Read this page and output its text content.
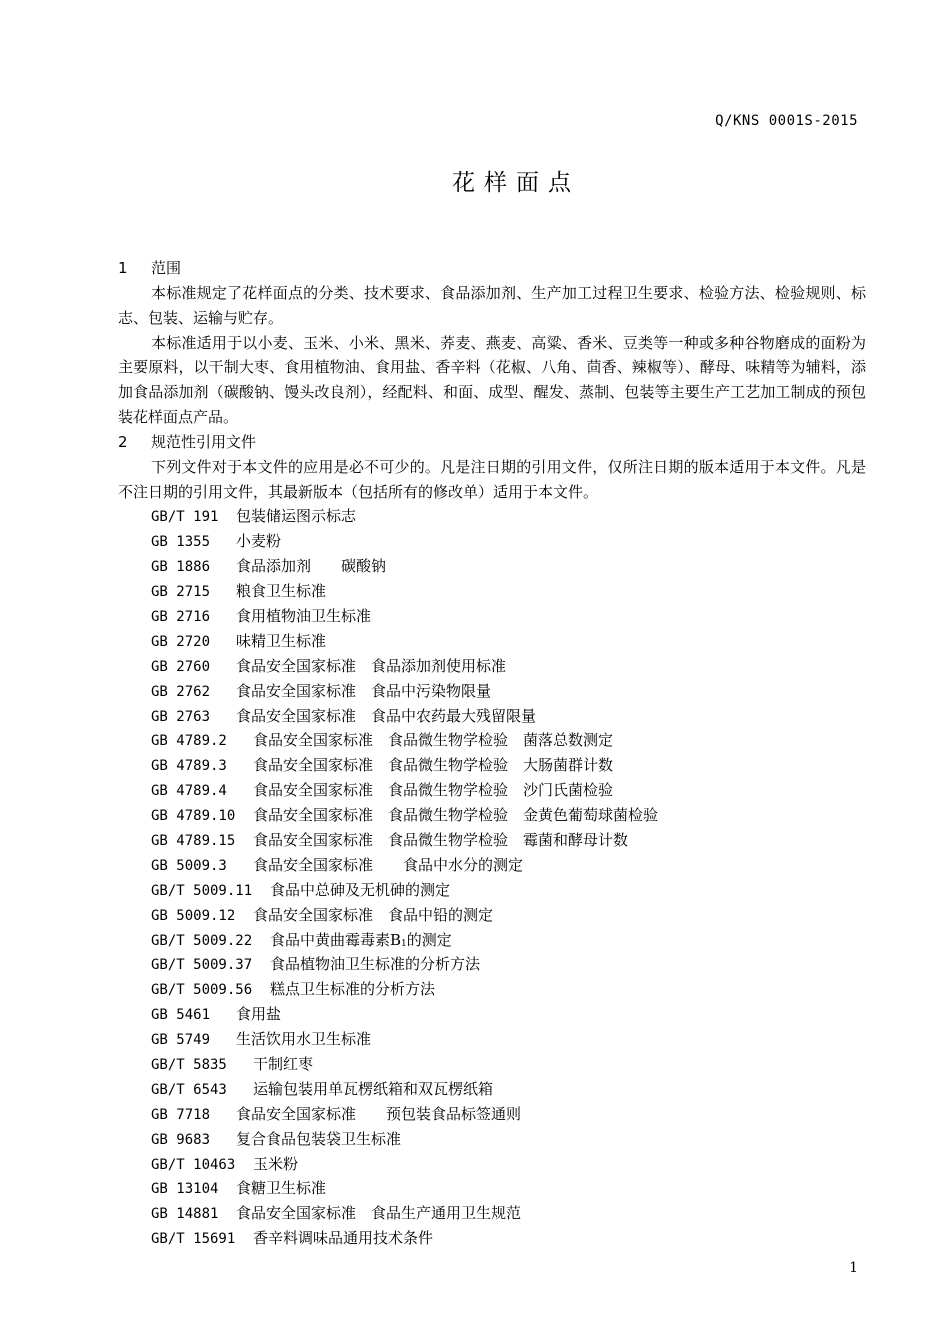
Q/KNS 0001S-2015
花样面点
1 范围

本标准规定了花样面点的分类、技术要求、食品添加剂、生产加工过程卫生要求、检验方法、检验规则、标志、包装、运输与贮存。

本标准适用于以小麦、玉米、小米、黑米、荞麦、燕麦、高粱、香米、豆类等一种或多种谷物磨成的面粉为主要原料，以干制大枣、食用植物油、食用盐、香辛料（花椒、八角、茴香、辣椒等）、酵母、味精等为辅料，添加食品添加剂（碳酸钠、馒头改良剂），经配料、和面、成型、醒发、蒸制、包装等主要生产工艺加工制成的预包装花样面点产品。

2 规范性引用文件

下列文件对于本文件的应用是必不可少的。凡是注日期的引用文件，仅所注日期的版本适用于本文件。凡是不注日期的引用文件，其最新版本（包括所有的修改单）适用于本文件。

GB/T 191 包装储运图示标志
GB 1355 小麦粉
GB 1886 食品添加剂　　碳酸钠
GB 2715 粮食卫生标准
GB 2716 食用植物油卫生标准
GB 2720 味精卫生标准
GB 2760 食品安全国家标准　食品添加剂使用标准
GB 2762 食品安全国家标准　食品中污染物限量
GB 2763 食品安全国家标准　食品中农药最大残留限量
GB 4789.2 食品安全国家标准　食品微生物学检验　菌落总数测定
GB 4789.3 食品安全国家标准　食品微生物学检验　大肠菌群计数
GB 4789.4 食品安全国家标准　食品微生物学检验　沙门氏菌检验
GB 4789.10 食品安全国家标准　食品微生物学检验　金黄色葡萄球菌检验
GB 4789.15 食品安全国家标准　食品微生物学检验　霉菌和酵母计数
GB 5009.3 食品安全国家标准　　食品中水分的测定
GB/T 5009.11 食品中总砷及无机砷的测定
GB 5009.12 食品安全国家标准　食品中铅的测定
GB/T 5009.22 食品中黄曲霉毒素$B_1$的测定
GB/T 5009.37 食品植物油卫生标准的分析方法
GB/T 5009.56 糕点卫生标准的分析方法
GB 5461 食用盐
GB 5749 生活饮用水卫生标准
GB/T 5835 干制红枣
GB/T 6543 运输包装用单瓦楞纸箱和双瓦楞纸箱
GB 7718 食品安全国家标准　　预包装食品标签通则
GB 9683 复合食品包装袋卫生标准
GB/T 10463 玉米粉
GB 13104 食糖卫生标准
GB 14881 食品安全国家标准　食品生产通用卫生规范
GB/T 15691 香辛料调味品通用技术条件
1
